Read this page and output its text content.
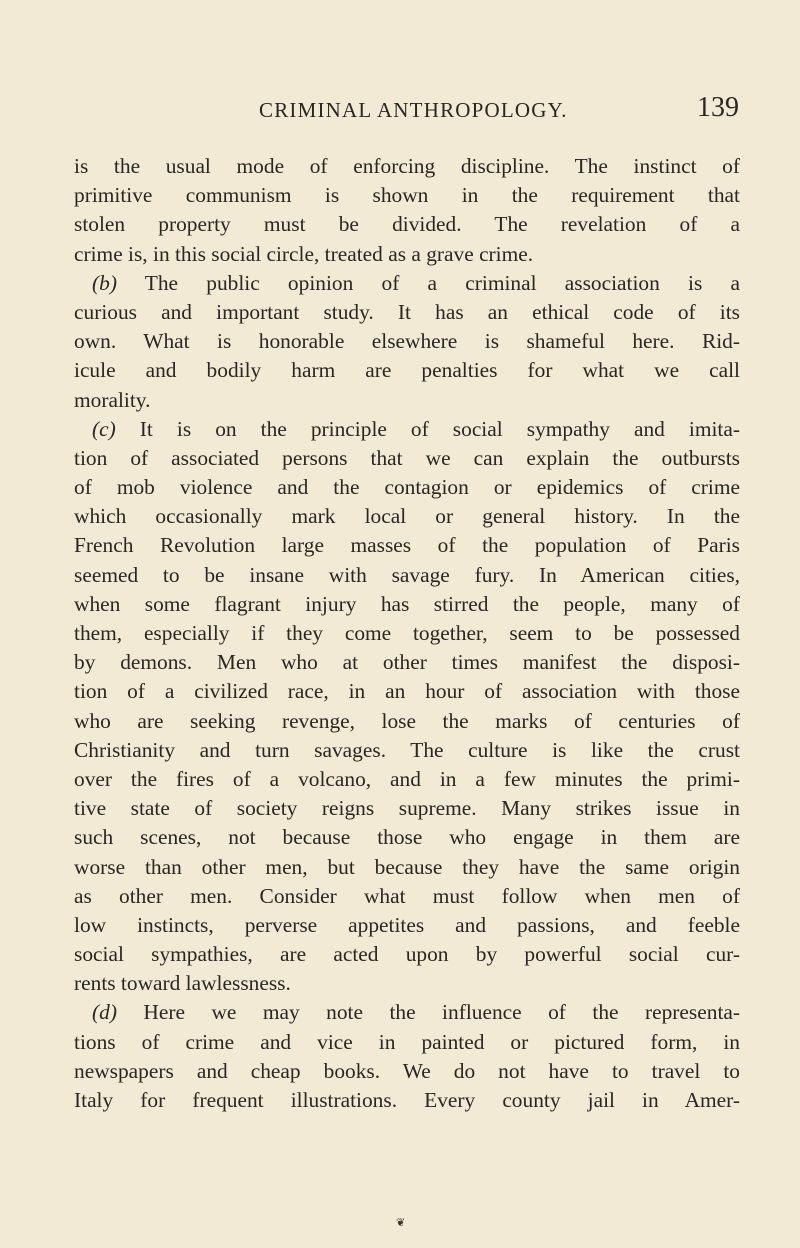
CRIMINAL ANTHROPOLOGY.	139
is the usual mode of enforcing discipline. The instinct of
primitive communism is shown in the requirement that
stolen property must be divided. The revelation of a
crime is, in this social circle, treated as a grave crime.
(b) The public opinion of a criminal association is a
curious and important study. It has an ethical code of its
own. What is honorable elsewhere is shameful here. Rid-
icule and bodily harm are penalties for what we call
morality.
(c) It is on the principle of social sympathy and imita-
tion of associated persons that we can explain the outbursts
of mob violence and the contagion or epidemics of crime
which occasionally mark local or general history. In the
French Revolution large masses of the population of Paris
seemed to be insane with savage fury. In American cities,
when some flagrant injury has stirred the people, many of
them, especially if they come together, seem to be possessed
by demons. Men who at other times manifest the disposi-
tion of a civilized race, in an hour of association with those
who are seeking revenge, lose the marks of centuries of
Christianity and turn savages. The culture is like the crust
over the fires of a volcano, and in a few minutes the primi-
tive state of society reigns supreme. Many strikes issue in
such scenes, not because those who engage in them are
worse than other men, but because they have the same origin
as other men. Consider what must follow when men of
low instincts, perverse appetites and passions, and feeble
social sympathies, are acted upon by powerful social cur-
rents toward lawlessness.
(d) Here we may note the influence of the representa-
tions of crime and vice in painted or pictured form, in
newspapers and cheap books. We do not have to travel to
Italy for frequent illustrations. Every county jail in Amer-
❦
